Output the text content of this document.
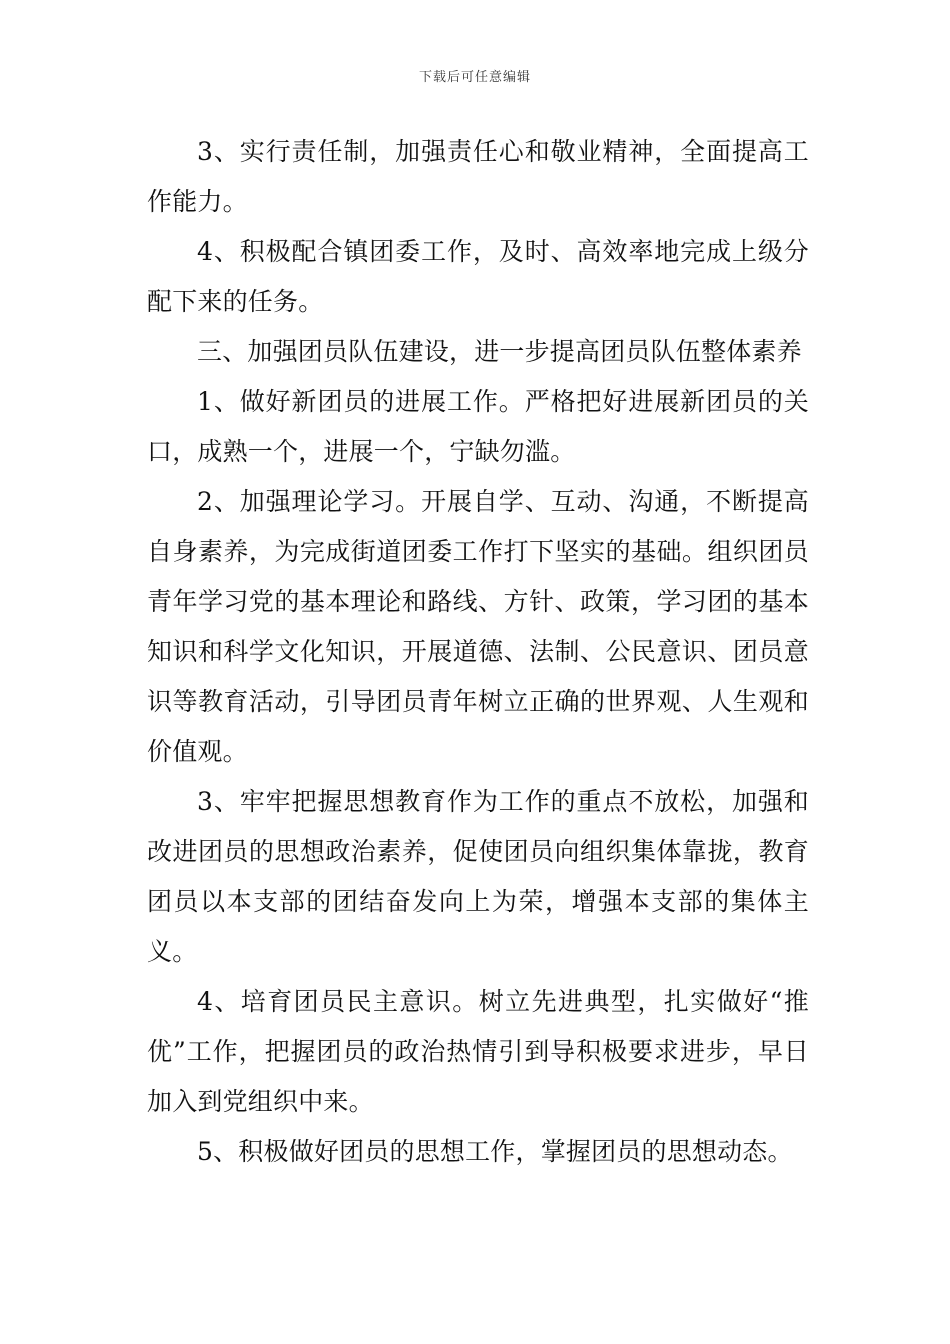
下载后可任意编辑

3、实行责任制，加强责任心和敬业精神，全面提高工作能力。

4、积极配合镇团委工作，及时、高效率地完成上级分配下来的任务。

三、加强团员队伍建设，进一步提高团员队伍整体素养

1、做好新团员的进展工作。严格把好进展新团员的关口，成熟一个，进展一个，宁缺勿滥。

2、加强理论学习。开展自学、互动、沟通，不断提高自身素养，为完成街道团委工作打下坚实的基础。组织团员青年学习党的基本理论和路线、方针、政策，学习团的基本知识和科学文化知识，开展道德、法制、公民意识、团员意识等教育活动，引导团员青年树立正确的世界观、人生观和价值观。

3、牢牢把握思想教育作为工作的重点不放松，加强和改进团员的思想政治素养，促使团员向组织集体靠拢，教育团员以本支部的团结奋发向上为荣，增强本支部的集体主义。

4、培育团员民主意识。树立先进典型，扎实做好“推优”工作，把握团员的政治热情引到导积极要求进步，早日加入到党组织中来。

5、积极做好团员的思想工作，掌握团员的思想动态。
